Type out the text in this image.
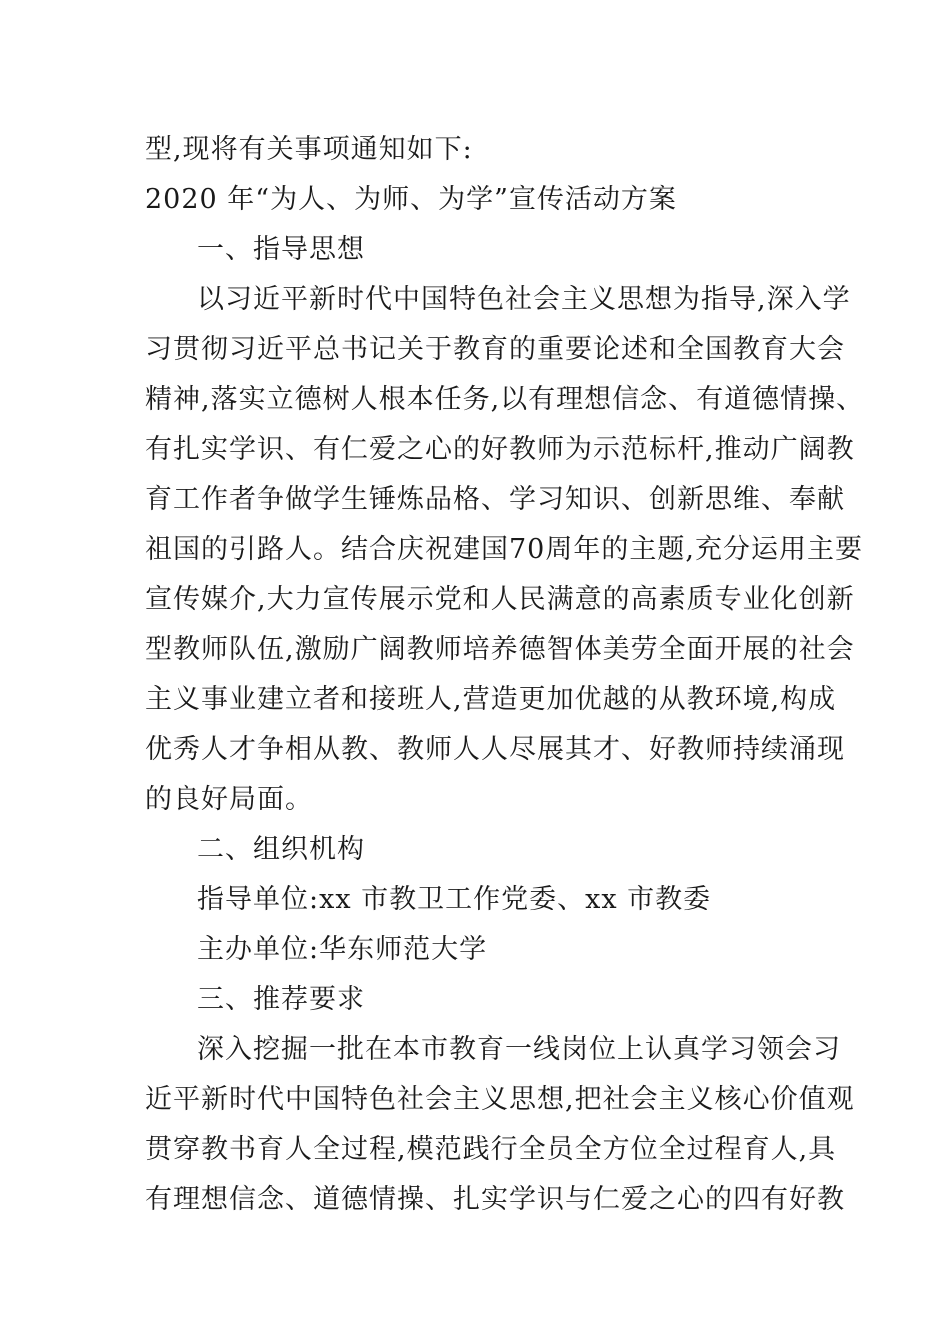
型,现将有关事项通知如下:
2020 年“为人、为师、为学”宣传活动方案
一、指导思想
以习近平新时代中国特色社会主义思想为指导,深入学
习贯彻习近平总书记关于教育的重要论述和全国教育大会
精神,落实立德树人根本任务,以有理想信念、有道德情操、
有扎实学识、有仁爱之心的好教师为示范标杆,推动广阔教
育工作者争做学生锤炼品格、学习知识、创新思维、奉献
祖国的引路人。结合庆祝建国70周年的主题,充分运用主要
宣传媒介,大力宣传展示党和人民满意的高素质专业化创新
型教师队伍,激励广阔教师培养德智体美劳全面开展的社会
主义事业建立者和接班人,营造更加优越的从教环境,构成
优秀人才争相从教、教师人人尽展其才、好教师持续涌现
的良好局面。
二、组织机构
指导单位:xx 市教卫工作党委、xx 市教委
主办单位:华东师范大学
三、推荐要求
深入挖掘一批在本市教育一线岗位上认真学习领会习
近平新时代中国特色社会主义思想,把社会主义核心价值观
贯穿教书育人全过程,模范践行全员全方位全过程育人,具
有理想信念、道德情操、扎实学识与仁爱之心的四有好教
